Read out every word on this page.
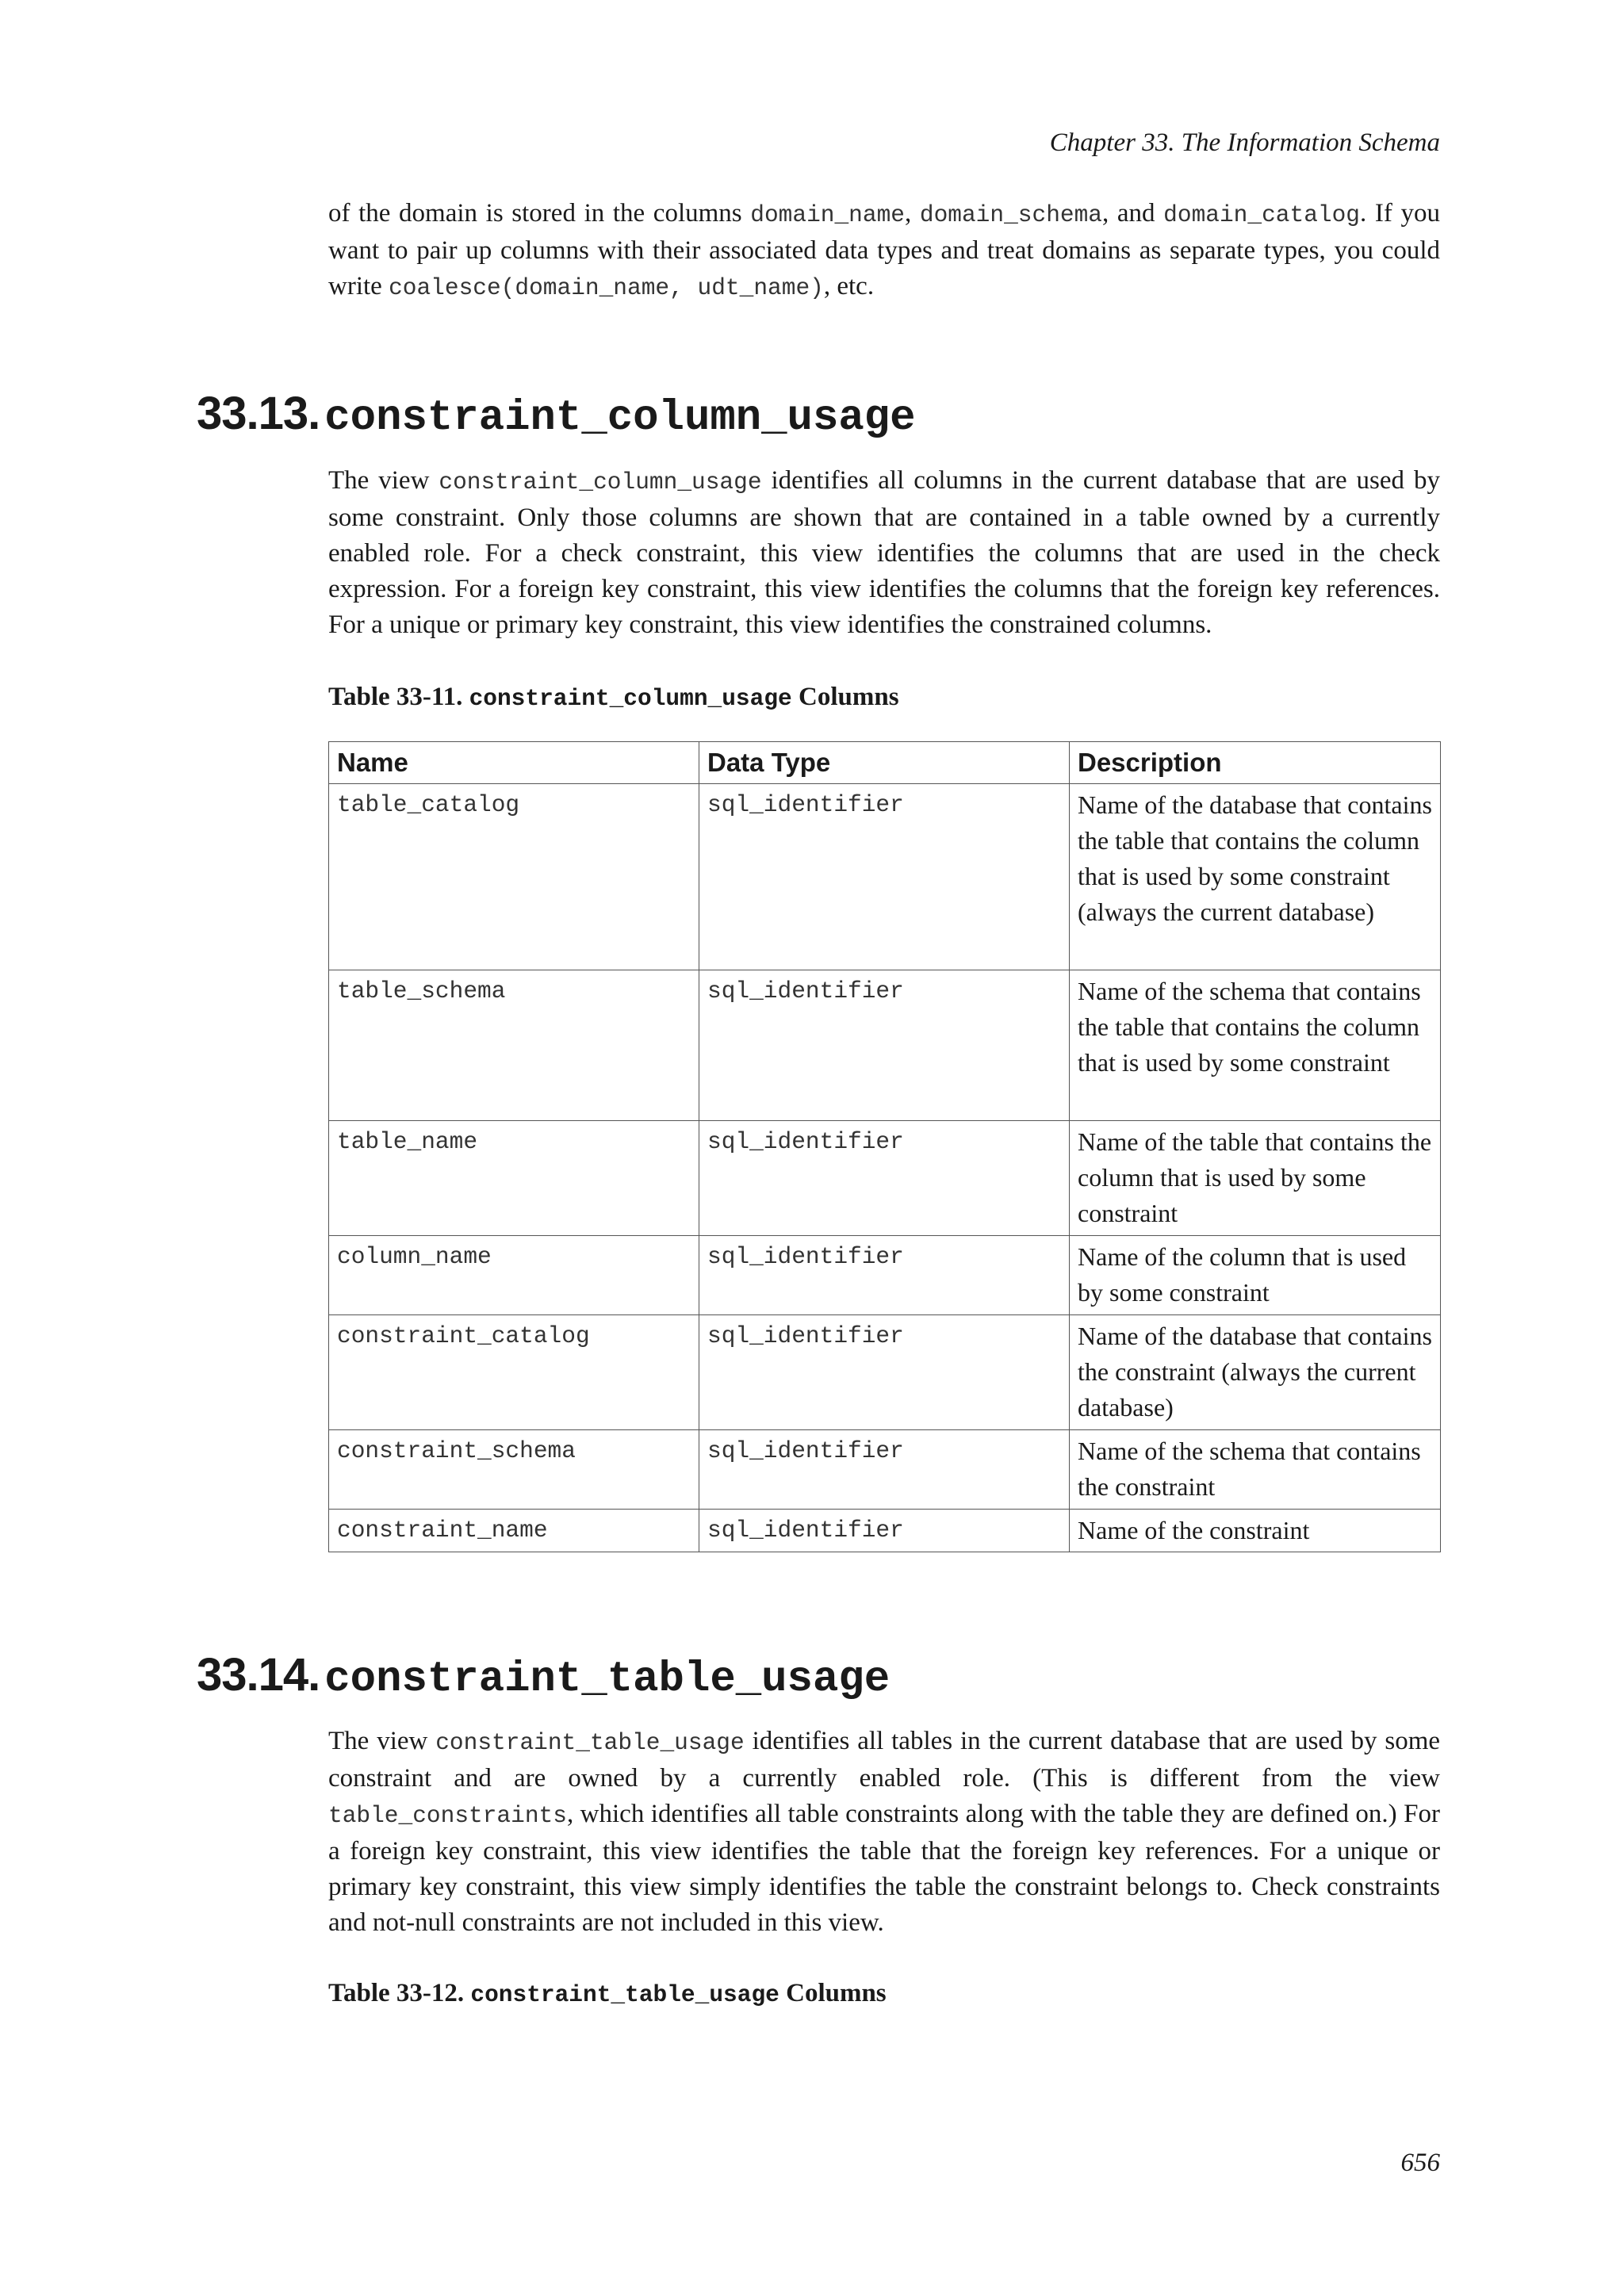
Chapter 33. The Information Schema

of the domain is stored in the columns domain_name, domain_schema, and domain_catalog. If you want to pair up columns with their associated data types and treat domains as separate types, you could write coalesce(domain_name, udt_name), etc.

33.13. constraint_column_usage

The view constraint_column_usage identifies all columns in the current database that are used by some constraint. Only those columns are shown that are contained in a table owned by a currently enabled role. For a check constraint, this view identifies the columns that are used in the check expression. For a foreign key constraint, this view identifies the columns that the foreign key references. For a unique or primary key constraint, this view identifies the constrained columns.

Table 33-11. constraint_column_usage Columns

Name	Data Type	Description
table_catalog	sql_identifier	Name of the database that contains the table that contains the column that is used by some constraint (always the current database)
table_schema	sql_identifier	Name of the schema that contains the table that contains the column that is used by some constraint
table_name	sql_identifier	Name of the table that contains the column that is used by some constraint
column_name	sql_identifier	Name of the column that is used by some constraint
constraint_catalog	sql_identifier	Name of the database that contains the constraint (always the current database)
constraint_schema	sql_identifier	Name of the schema that contains the constraint
constraint_name	sql_identifier	Name of the constraint
33.14. constraint_table_usage

The view constraint_table_usage identifies all tables in the current database that are used by some constraint and are owned by a currently enabled role. (This is different from the view table_constraints, which identifies all table constraints along with the table they are defined on.) For a foreign key constraint, this view identifies the table that the foreign key references. For a unique or primary key constraint, this view simply identifies the table the constraint belongs to. Check constraints and not-null constraints are not included in this view.

Table 33-12. constraint_table_usage Columns

656
